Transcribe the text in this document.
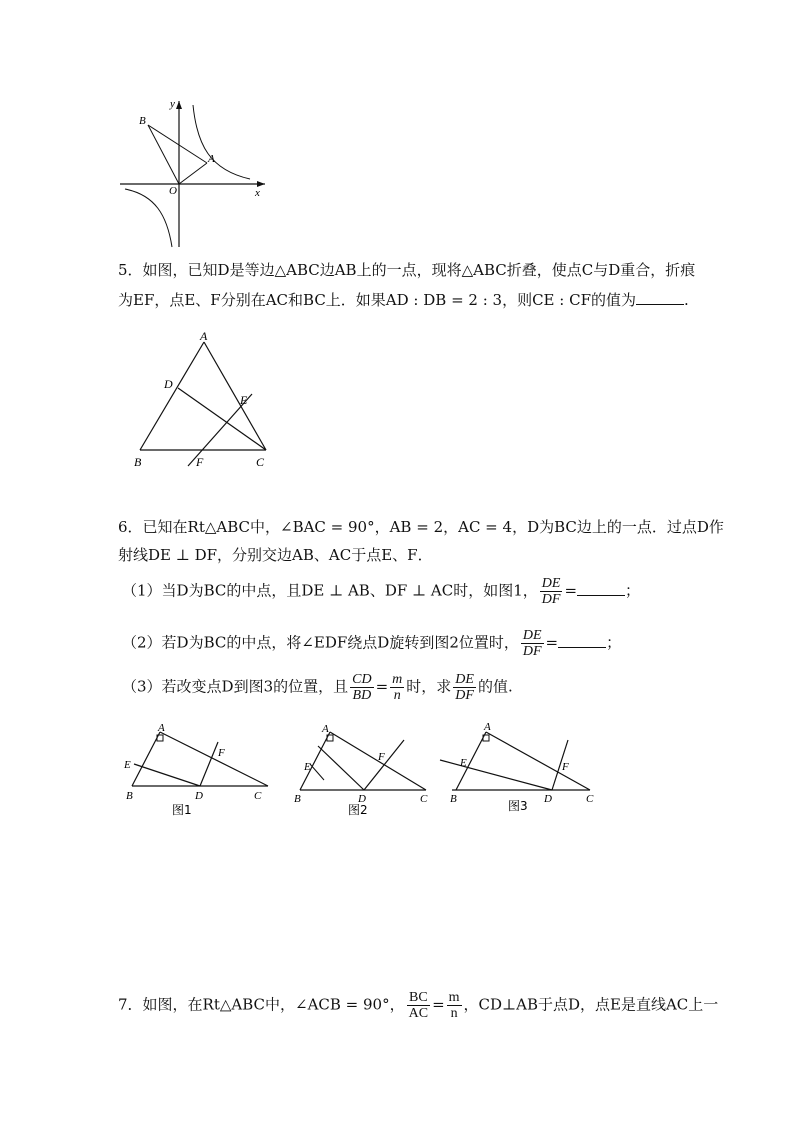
B
A
O	x
y
5．如图，已知D是等边△ABC边AB上的一点，现将△ABC折叠，使点C与D重合，折痕
为EF，点E、F分别在AC和BC上．如果AD : DB = 2 : 3，则CE : CF的值为	.
A
D
E
B	F	C
6．已知在Rt△ABC中，∠BAC = 90°，AB = 2，AC = 4，D为BC边上的一点．过点D作
射线DE ⊥ DF，分别交边AB、AC于点E、F．
（1）当D为BC的中点，且DE ⊥ AB、DF ⊥ AC时，如图1， $\frac{DE}{DF}$ =	；
（2）若D为BC的中点，将∠EDF绕点D旋转到图2位置时， $\frac{DE}{DF}$ =	；
（3）若改变点D到图3的位置，且 $\frac{CD}{BD} = \frac{m}{n}$ 时，求 $\frac{DE}{DF}$ 的值.
A
E
F
B	D	C
图1
A
E
F
B	D	C
图2
A
E	F
B	D	C
图3
7．如图，在Rt△ABC中，∠ACB = 90°， $\frac{BC}{AC} = \frac{m}{n}$ ，CD⊥AB于点D，点E是直线AC上一
